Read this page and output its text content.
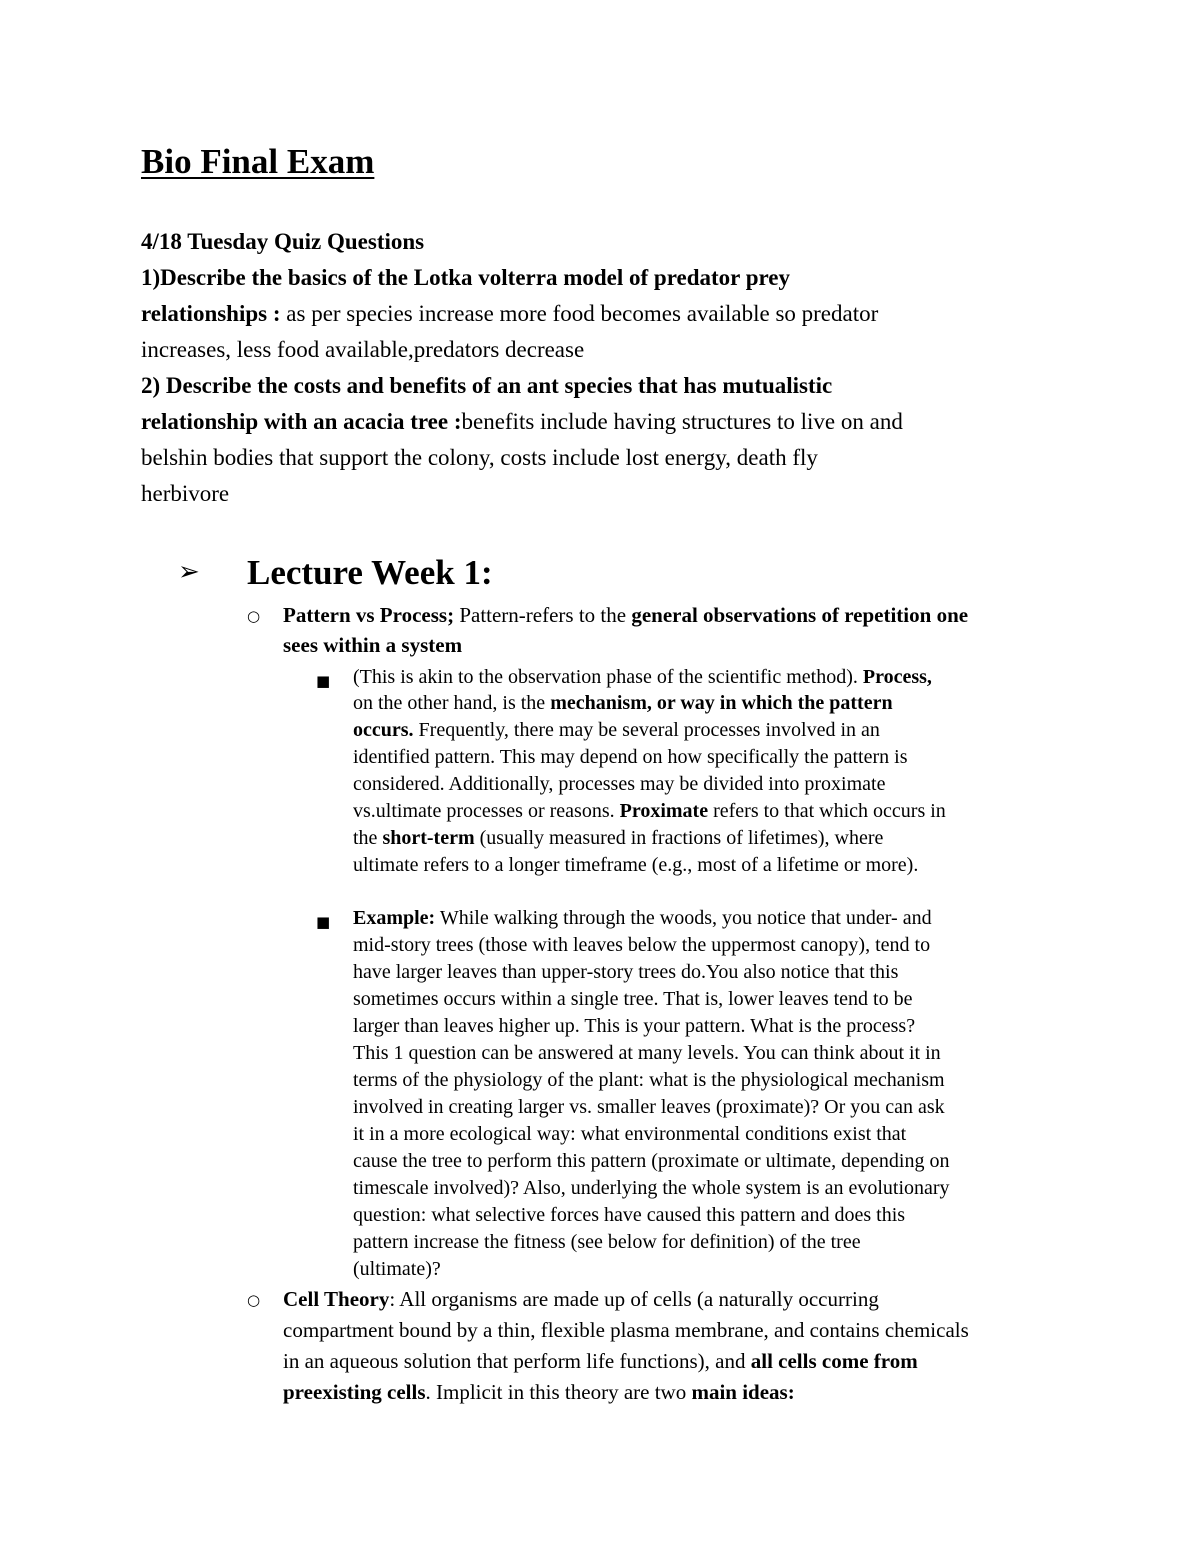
Bio Final Exam
4/18 Tuesday Quiz Questions
1)Describe the basics of the Lotka volterra model of predator prey
relationships : as per species increase more food becomes available so predator
increases, less food available,predators decrease
2) Describe the costs and benefits of an ant species that has mutualistic
relationship with an acacia tree :benefits include having structures to live on and
belshin bodies that support the colony, costs include lost energy, death fly
herbivore
➢ Lecture Week 1:
○ Pattern vs Process; Pattern-refers to the general observations of repetition one
sees within a system
■ (This is akin to the observation phase of the scientific method). Process,
on the other hand, is the mechanism, or way in which the pattern
occurs. Frequently, there may be several processes involved in an
identified pattern. This may depend on how specifically the pattern is
considered. Additionally, processes may be divided into proximate
vs.ultimate processes or reasons. Proximate refers to that which occurs in
the short-term (usually measured in fractions of lifetimes), where
ultimate refers to a longer timeframe (e.g., most of a lifetime or more).
■ Example: While walking through the woods, you notice that under- and
mid-story trees (those with leaves below the uppermost canopy), tend to
have larger leaves than upper-story trees do.You also notice that this
sometimes occurs within a single tree. That is, lower leaves tend to be
larger than leaves higher up. This is your pattern. What is the process?
This 1 question can be answered at many levels. You can think about it in
terms of the physiology of the plant: what is the physiological mechanism
involved in creating larger vs. smaller leaves (proximate)? Or you can ask
it in a more ecological way: what environmental conditions exist that
cause the tree to perform this pattern (proximate or ultimate, depending on
timescale involved)? Also, underlying the whole system is an evolutionary
question: what selective forces have caused this pattern and does this
pattern increase the fitness (see below for definition) of the tree
(ultimate)?
○ Cell Theory: All organisms are made up of cells (a naturally occurring
compartment bound by a thin, flexible plasma membrane, and contains chemicals
in an aqueous solution that perform life functions), and all cells come from
preexisting cells. Implicit in this theory are two main ideas:
